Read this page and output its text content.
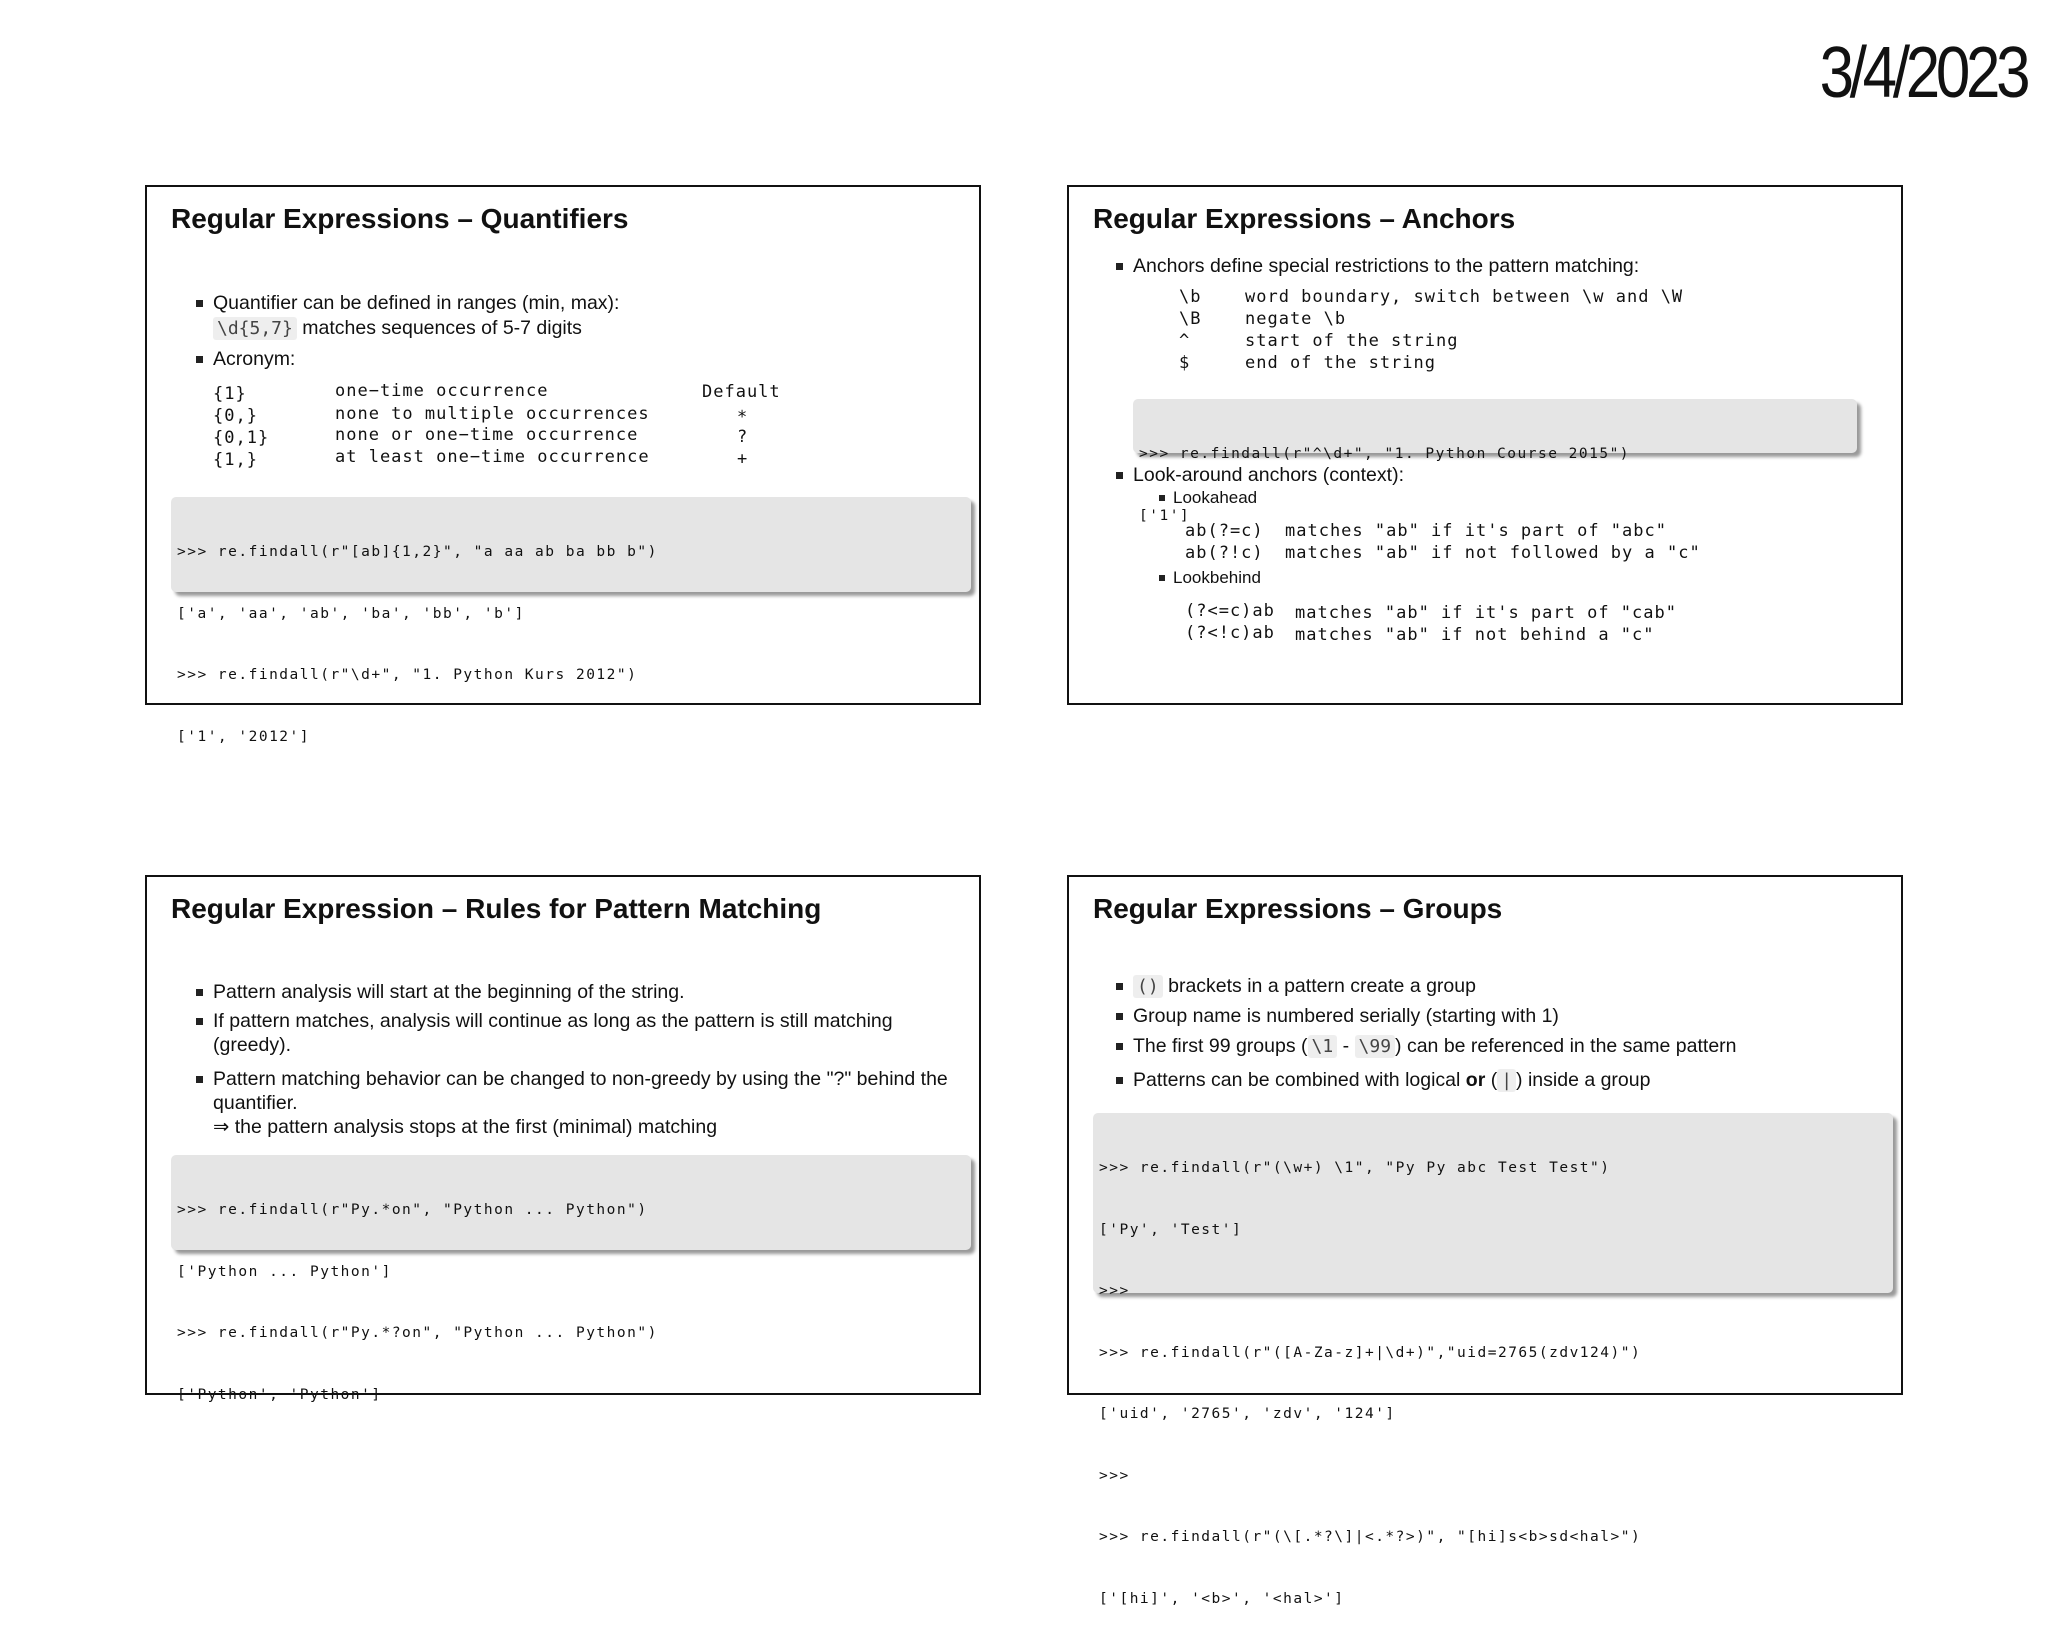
3/4/2023
Regular Expressions – Quantifiers
Quantifier can be defined in ranges (min, max):
\d{5,7} matches sequences of 5-7 digits
Acronym:
Default
{1}	one−time occurrence
{0,}	none to multiple occurrences	∗
{0,1}	none or one−time occurrence	?
{1,}	at least one−time occurrence	+

>>> re.findall(r"[ab]{1,2}", "a aa ab ba bb b")

['a', 'aa', 'ab', 'ba', 'bb', 'b']

>>> re.findall(r"\d+", "1. Python Kurs 2012")

['1', '2012']

Regular Expressions – Anchors
Anchors define special restrictions to the pattern matching:
\b	word boundary, switch between \w and \W
\B	negate \b
^	start of the string
$	end of the string

>>> re.findall(r"^\d+", "1. Python Course 2015")

['1']

Look-around anchors (context):
Lookahead
ab(?=c) matches "ab" if it's part of "abc"
ab(?!c) matches "ab" if not followed by a "c"
Lookbehind
(?<=c)ab matches "ab" if it's part of "cab"
(?<!c)ab matches "ab" if not behind a "c"
Regular Expression – Rules for Pattern Matching
Pattern analysis will start at the beginning of the string.
If pattern matches, analysis will continue as long as the pattern is still matching
(greedy).
Pattern matching behavior can be changed to non-greedy by using the "?" behind the
quantifier.
⇒ the pattern analysis stops at the first (minimal) matching

>>> re.findall(r"Py.*on", "Python ... Python")

['Python ... Python']

>>> re.findall(r"Py.*?on", "Python ... Python")

['Python', 'Python']

Regular Expressions – Groups
() brackets in a pattern create a group
Group name is numbered serially (starting with 1)
The first 99 groups ( \1 - \99 ) can be referenced in the same pattern
Patterns can be combined with logical or ( | ) inside a group

>>> re.findall(r"(\w+) \1", "Py Py abc Test Test")

['Py', 'Test']

>>>

>>> re.findall(r"([A-Za-z]+|\d+)","uid=2765(zdv124)")

['uid', '2765', 'zdv', '124']

>>>

>>> re.findall(r"(\[.*?\]|<.*?>)", "[hi]s<b>sd<hal>")

['[hi]', '<b>', '<hal>']
